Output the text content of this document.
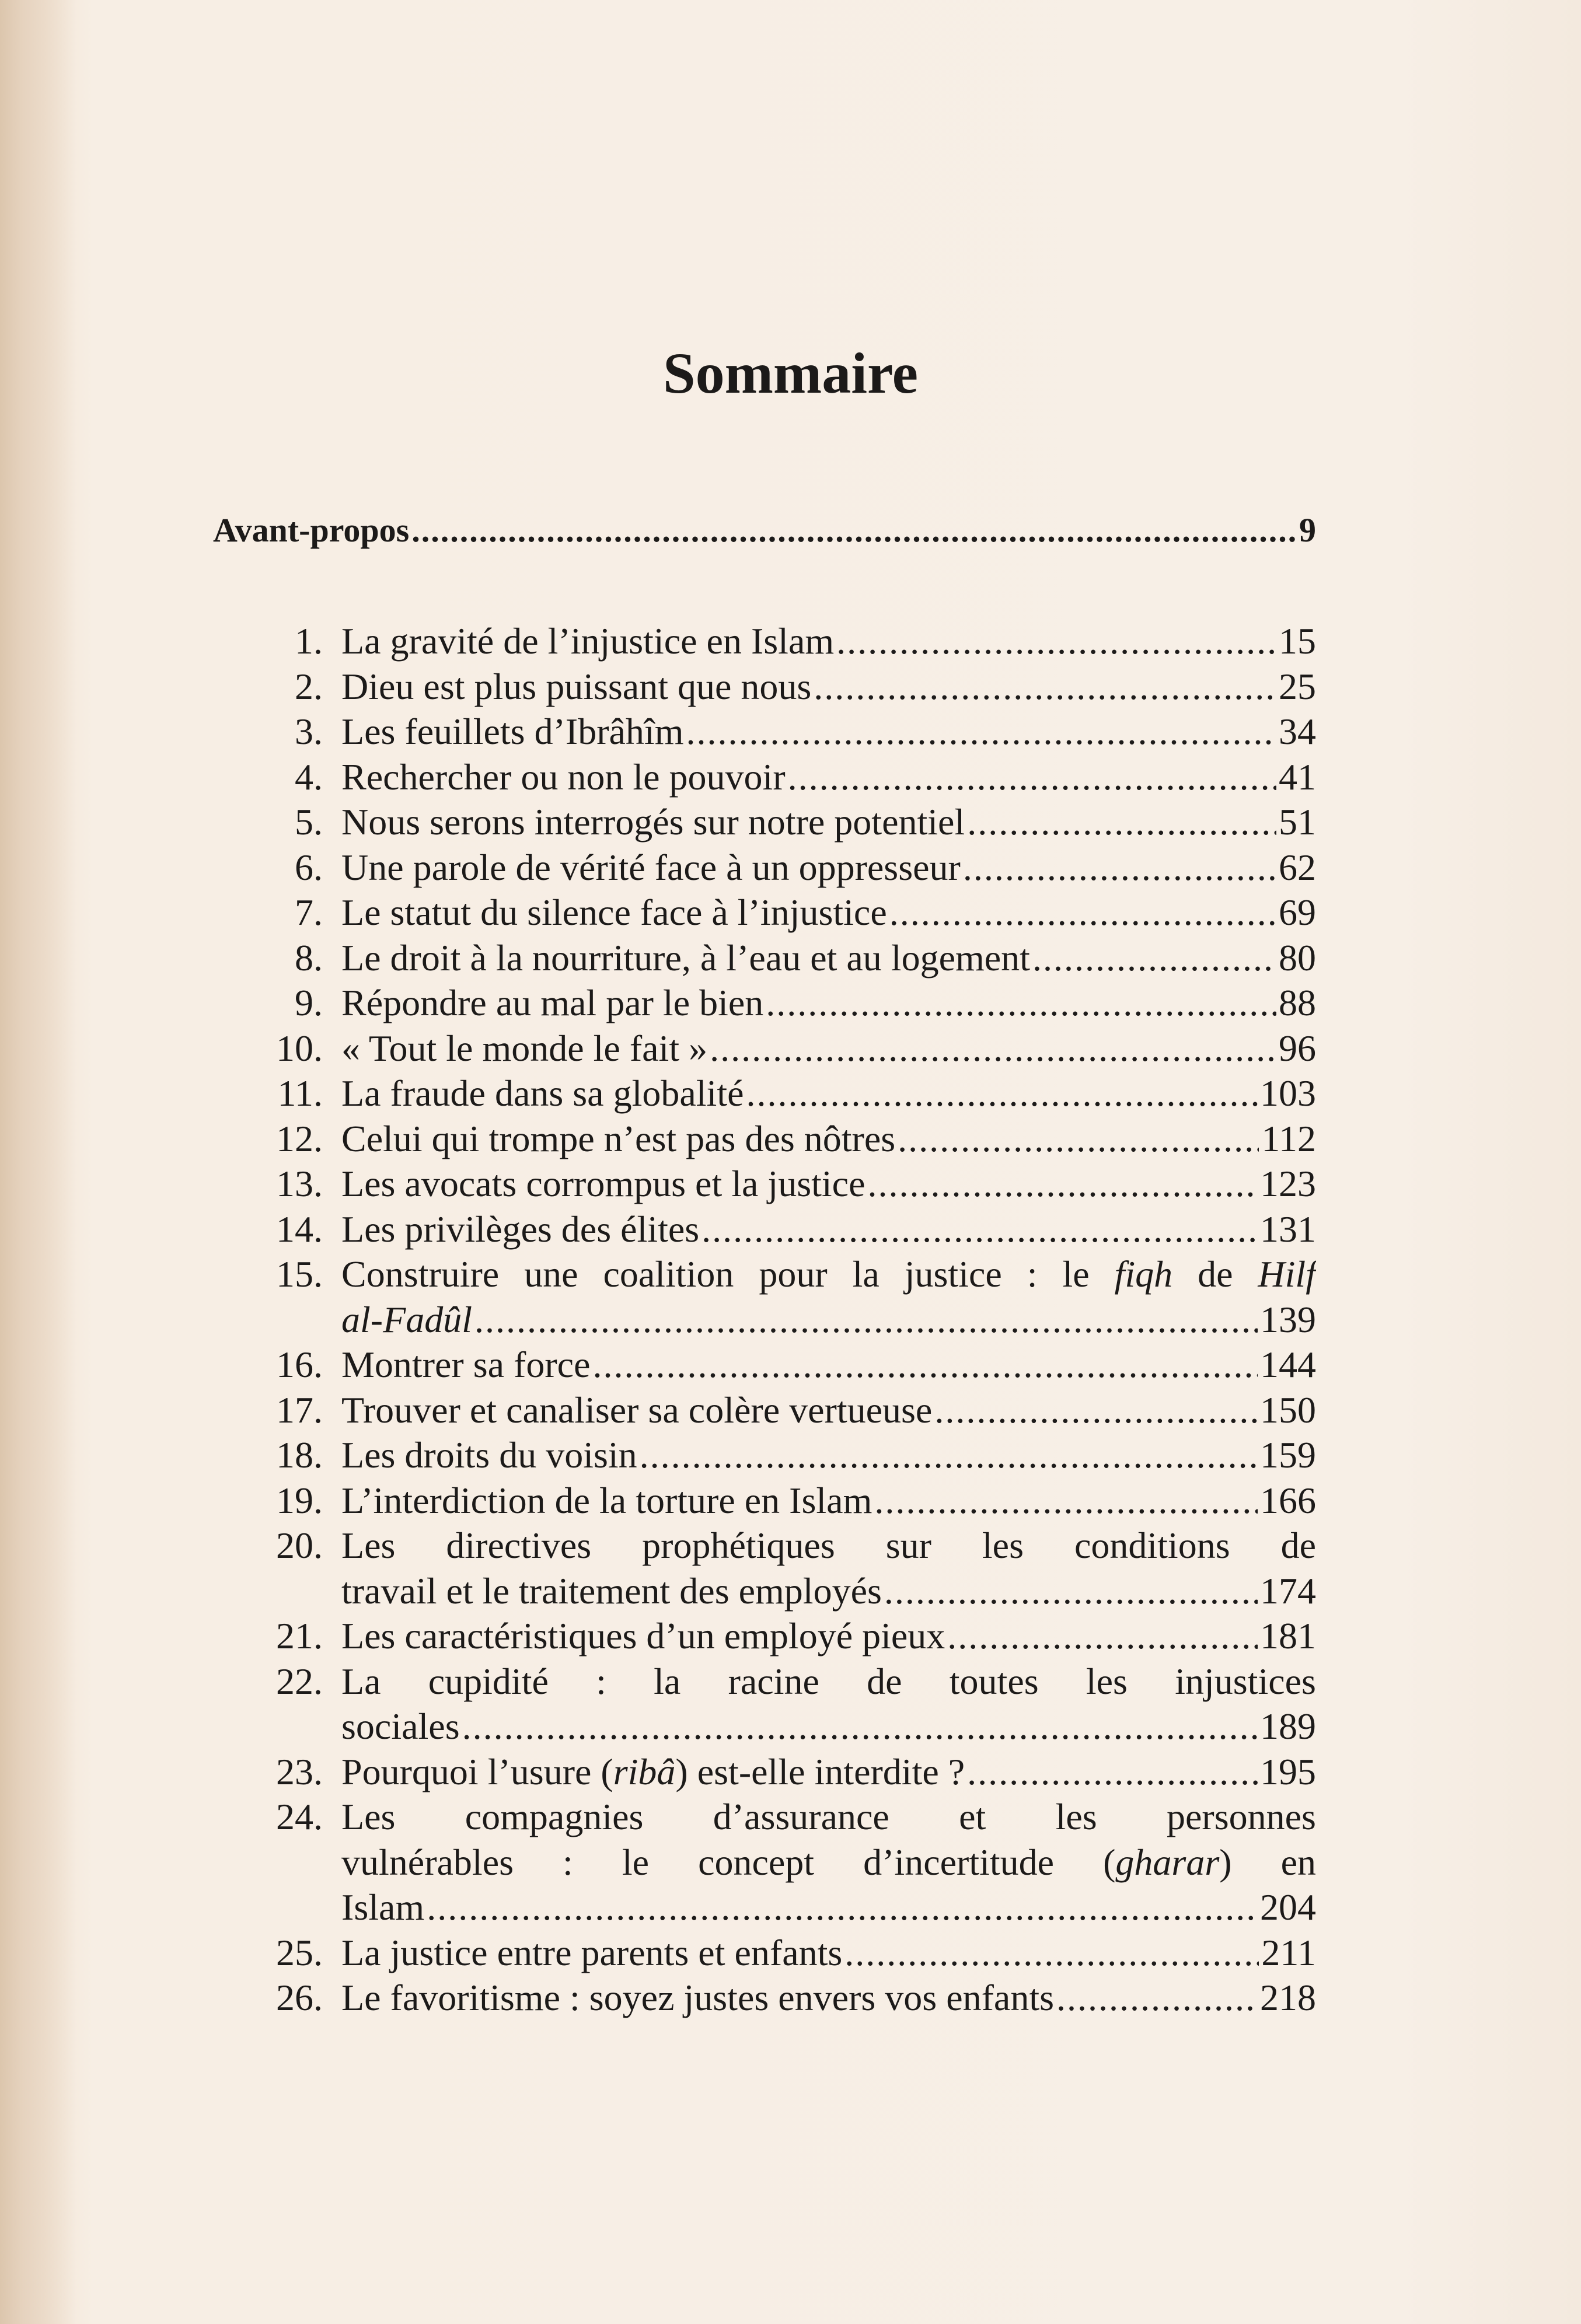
Sommaire
Avant-propos .....	9
1. La gravité de l’injustice en Islam .....	15
2. Dieu est plus puissant que nous .....	25
3. Les feuillets d’Ibrâhîm .....	34
4. Rechercher ou non le pouvoir .....	41
5. Nous serons interrogés sur notre potentiel .....	51
6. Une parole de vérité face à un oppresseur .....	62
7. Le statut du silence face à l’injustice .....	69
8. Le droit à la nourriture, à l’eau et au logement .....	80
9. Répondre au mal par le bien .....	88
10. « Tout le monde le fait » .....	96
11. La fraude dans sa globalité .....	103
12. Celui qui trompe n’est pas des nôtres .....	112
13. Les avocats corrompus et la justice .....	123
14. Les privilèges des élites .....	131
15. Construire une coalition pour la justice : le fiqh de Hilf
al-Fadûl .....	139
16. Montrer sa force .....	144
17. Trouver et canaliser sa colère vertueuse .....	150
18. Les droits du voisin .....	159
19. L’interdiction de la torture en Islam .....	166
20. Les directives prophétiques sur les conditions de
travail et le traitement des employés .....	174
21. Les caractéristiques d’un employé pieux .....	181
22. La cupidité : la racine de toutes les injustices
sociales .....	189
23. Pourquoi l’usure (ribâ) est-elle interdite ? .....	195
24. Les compagnies d’assurance et les personnes
vulnérables : le concept d’incertitude (gharar) en
Islam .....	204
25. La justice entre parents et enfants .....	211
26. Le favoritisme : soyez justes envers vos enfants .....	218
